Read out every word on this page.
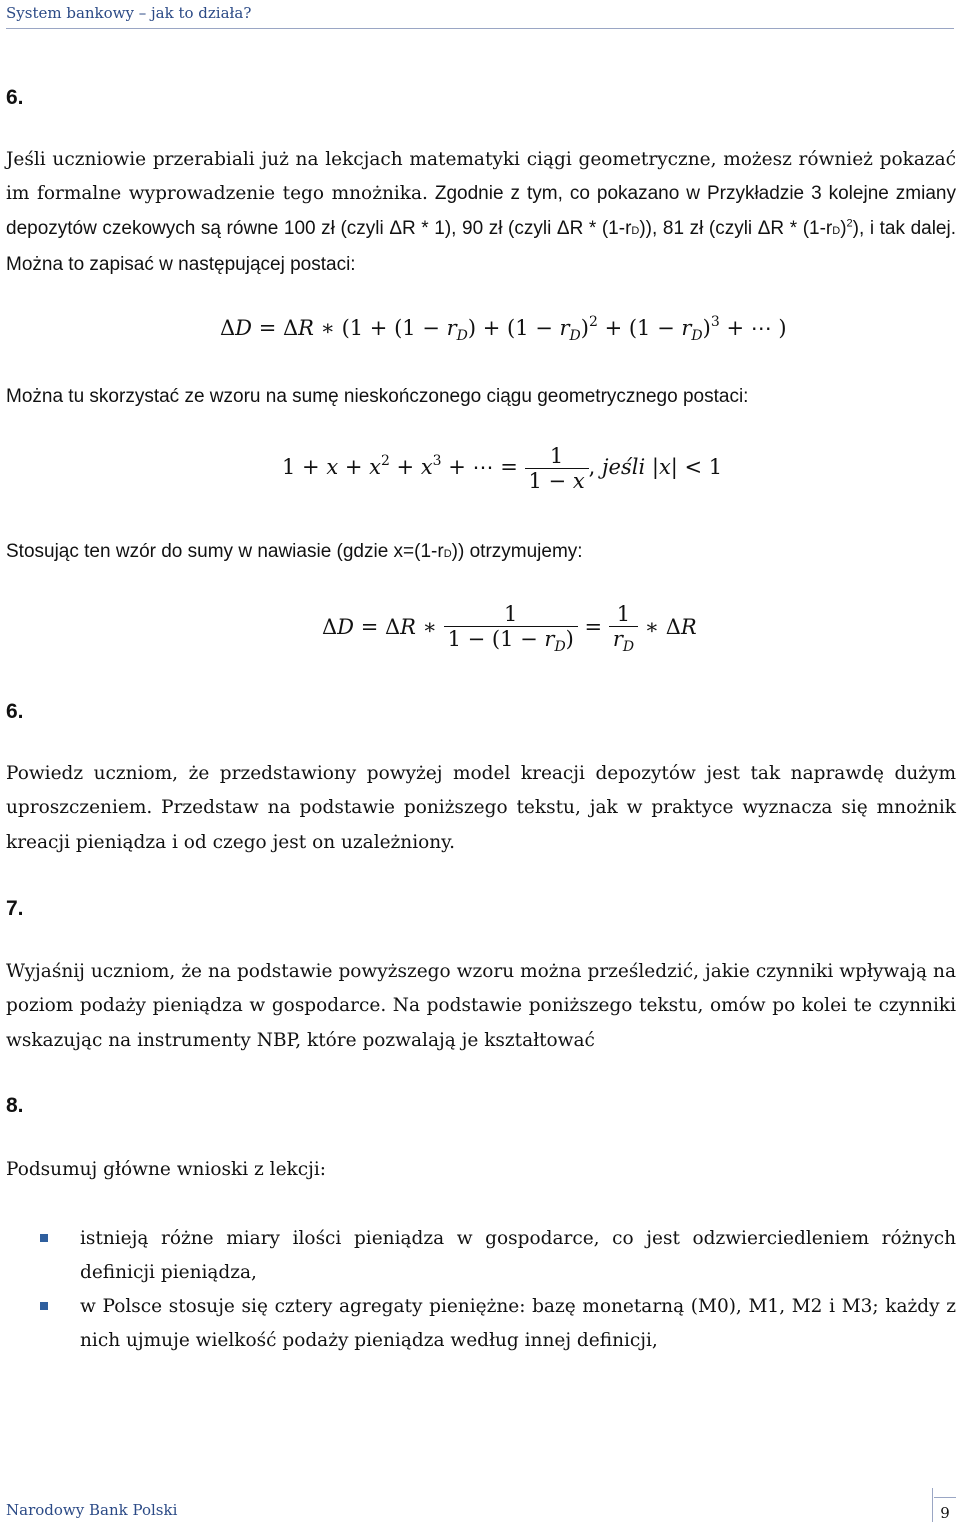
System bankowy – jak to działa?
6.
Jeśli uczniowie przerabiali już na lekcjach matematyki ciągi geometryczne, możesz również pokazać im formalne wyprowadzenie tego mnożnika. Zgodnie z tym, co pokazano w Przykładzie 3 kolejne zmiany depozytów czekowych są równe 100 zł (czyli ΔR * 1), 90 zł (czyli ΔR * (1-rD)), 81 zł (czyli ΔR * $(1-rD)^2$), i tak dalej. Można to zapisać w następującej postaci:
ΔD = ΔR ∗ ($1 + (1 - r_D) + (1 - r_D)^2 + (1 - r_D)^3$ + ⋯ )
Można tu skorzystać ze wzoru na sumę nieskończonego ciągu geometrycznego postaci:
$1 + x + x^2 + x^3$ + ⋯ = $\frac{1}{1 - x}$ , jeśli |x| < 1
Stosując ten wzór do sumy w nawiasie (gdzie x=(1-rD)) otrzymujemy:
ΔD = ΔR ∗ $\frac{1}{1 - (1 - r_D)} = \frac{1}{r_D}$ ∗ ΔR
6.
Powiedz uczniom, że przedstawiony powyżej model kreacji depozytów jest tak naprawdę dużym uproszczeniem. Przedstaw na podstawie poniższego tekstu, jak w praktyce wyznacza się mnożnik kreacji pieniądza i od czego jest on uzależniony.
7.
Wyjaśnij uczniom, że na podstawie powyższego wzoru można prześledzić, jakie czynniki wpływają na poziom podaży pieniądza w gospodarce. Na podstawie poniższego tekstu, omów po kolei te czynniki wskazując na instrumenty NBP, które pozwalają je kształtować
8.
Podsumuj główne wnioski z lekcji:
istnieją różne miary ilości pieniądza w gospodarce, co jest odzwierciedleniem różnych definicji pieniądza,
w Polsce stosuje się cztery agregaty pieniężne: bazę monetarną (M0), M1, M2 i M3; każdy z nich ujmuje wielkość podaży pieniądza według innej definicji,
Narodowy Bank Polski	9
